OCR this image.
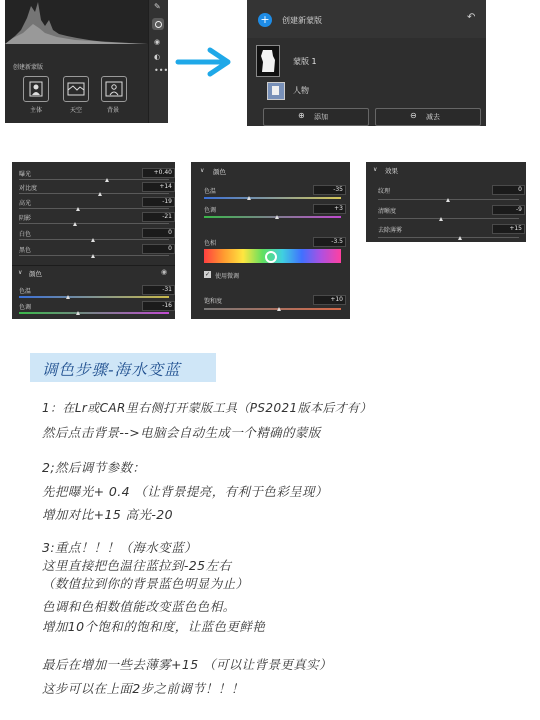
✎
◉
◐
•••
创建新蒙版
主体	天空	背景
+ 创建新蒙版	↶
蒙版 1
人物
⊕ 添加	⊖ 减去
曝光	+0.40
对比度	+14
高光	-19
阴影	-21
白色	0
黑色	0
∨ 颜色	◉
色温	-31
色调	-16
∨ 颜色
色温	-35
色调	+3
色相	-3.5
✓ 使用微调
饱和度	+10
∨ 效果
纹理	0
清晰度	-9
去除薄雾	+15
调色步骤-海水变蓝
1：在Lr或CAR里右侧打开蒙版工具（PS2021版本后才有）
然后点击背景-->电脑会自动生成一个精确的蒙版
2;然后调节参数：
先把曝光+ 0.4 （让背景提亮，有利于色彩呈现）
增加对比+15 高光-20
3:重点！！！（海水变蓝）
这里直接把色温往蓝拉到-25左右
（数值拉到你的背景蓝色明显为止）
色调和色相数值能改变蓝色色相。
增加10个饱和的饱和度，让蓝色更鲜艳
最后在增加一些去薄雾+15 （可以让背景更真实）
这步可以在上面2步之前调节！！！
